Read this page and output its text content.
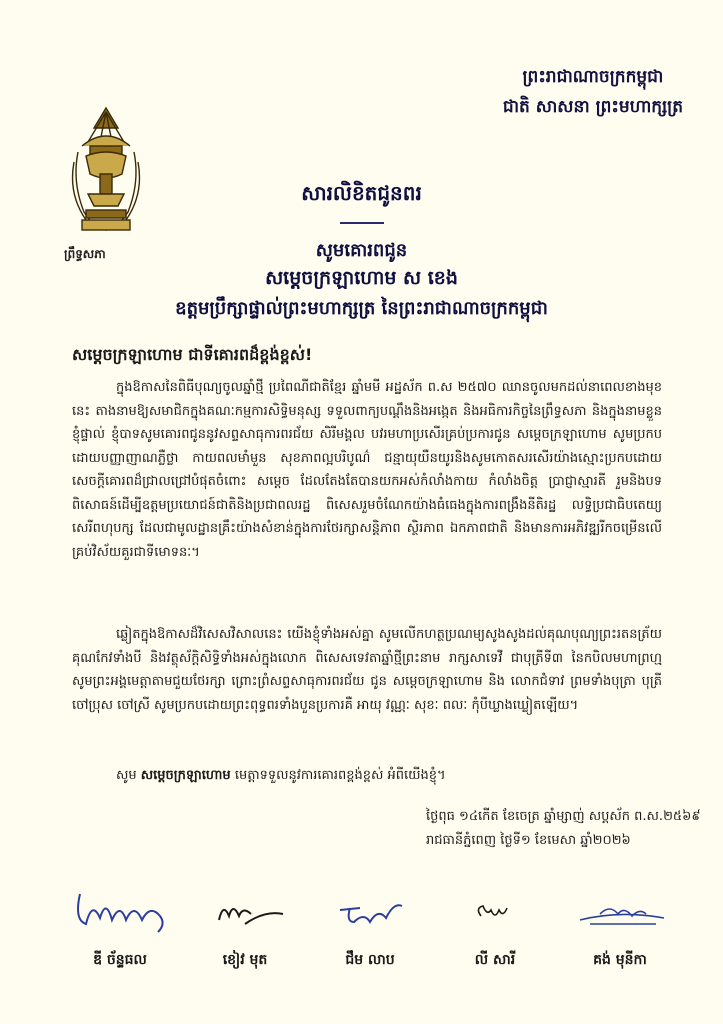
ព្រះរាជាណាចក្រកម្ពុជា
ជាតិ សាសនា ព្រះមហាក្សត្រ
ព្រឹទ្ធសភា
សារលិខិតជូនពរ
សូមគោរពជូន
សម្តេចក្រឡាហោម ស ខេង
ឧត្តមប្រឹក្សាផ្ទាល់ព្រះមហាក្សត្រ នៃព្រះរាជាណាចក្រកម្ពុជា
សម្តេចក្រឡាហោម ជាទីគោរពដ៏ខ្ពង់ខ្ពស់!
ក្នុងឱកាសនៃពិធីបុណ្យចូលឆ្នាំថ្មី ប្រពៃណីជាតិខ្មែរ ឆ្នាំមមី អដ្ឋស័ក ព.ស ២៥៧០ ឈានចូលមកដល់នាពេលខាងមុខនេះ តាងនាមឱ្យសមាជិកក្នុងគណៈកម្មការសិទ្ធិមនុស្ស ទទួលពាក្យបណ្ដឹងនិងអង្កេត និងអធិការកិច្ចនៃព្រឹទ្ធសភា និងក្នុងនាមខ្លួនខ្ញុំផ្ទាល់ ខ្ញុំបាទសូមគោរពជូននូវសព្ទសាធុការពរជ័យ សិរីមង្គល បវរមហាប្រសើរគ្រប់ប្រការជូន សម្តេចក្រឡាហោម សូមប្រកបដោយបញ្ញាញាណភ្លឺថ្លា កាយពលមាំមួន សុខភាពល្អបរិបូណ៌ ជន្មាយុយឺនយូរនិងសូមកោតសរសើរយ៉ាងស្មោះប្រកបដោយសេចក្តីគោរពដ៏ជ្រាលជ្រៅបំផុតចំពោះ សម្តេច ដែលតែងតែបានយកអស់កំលាំងកាយ កំលាំងចិត្ត ប្រាជ្ញាស្មារតី រួមនិងបទពិសោធន៍ដើម្បីឧត្តមប្រយោជន៍ជាតិនិងប្រជាពលរដ្ឋ ពិសេសរួមចំណែកយ៉ាងធំធេងក្នុងការពង្រឹងនីតិរដ្ឋ លទ្ធិប្រជាធិបតេយ្យ សេរីពហុបក្ស ដែលជាមូលដ្ឋានគ្រឹះយ៉ាងសំខាន់ក្នុងការថែរក្សាសន្តិភាព ស្ថិរភាព ឯកភាពជាតិ និងមានការអភិវឌ្ឍរីកចម្រើនលើគ្រប់វិស័យគួរជាទីមោទនៈ។
ឆ្លៀតក្នុងឱកាសដ៏វិសេសវិសាលនេះ យើងខ្ញុំទាំងអស់គ្នា សូមលើកហត្ថប្រណម្យសូងសូងដល់គុណបុណ្យព្រះរតនត្រ័យគុណកែវទាំងបី និងវត្ថុស័ក្តិសិទ្ធិទាំងអស់ក្នុងលោក ពិសេសទេវតាឆ្នាំថ្មីព្រះនាម រាក្សសាទេវី ជាបុត្រីទី៣ នៃកបិលមហាព្រហ្ម សូមព្រះអង្គមេត្តាតាមជួយថែរក្សា ព្រោះព្រំសព្ទសាធុការពរជ័យ ជូន សម្តេចក្រឡាហោម និង លោកជំទាវ ព្រមទាំងបុត្រា បុត្រី ចៅប្រុស ចៅស្រី សូមប្រកបដោយព្រះពុទ្ធពរទាំងបួនប្រការគឺ អាយុ វណ្ណៈ សុខៈ ពលៈ កុំបីឃ្លាងឃ្លៀតឡើយ។
សូម សម្តេចក្រឡាហោម មេត្តាទទួលនូវការគោរពខ្ពង់ខ្ពស់ អំពីយើងខ្ញុំ។
ថ្ងៃពុធ ១៤កើត ខែចេត្រ ឆ្នាំម្សាញ់ សប្តស័ក ព.ស.២៥៦៩
រាជធានីភ្នំពេញ ថ្ងៃទី១ ខែមេសា ឆ្នាំ២០២៦
ឌី ច័ន្ទធល	ខៀវ មុត	ជឹម លាប	លី សារី	គង់ មុនីកា
